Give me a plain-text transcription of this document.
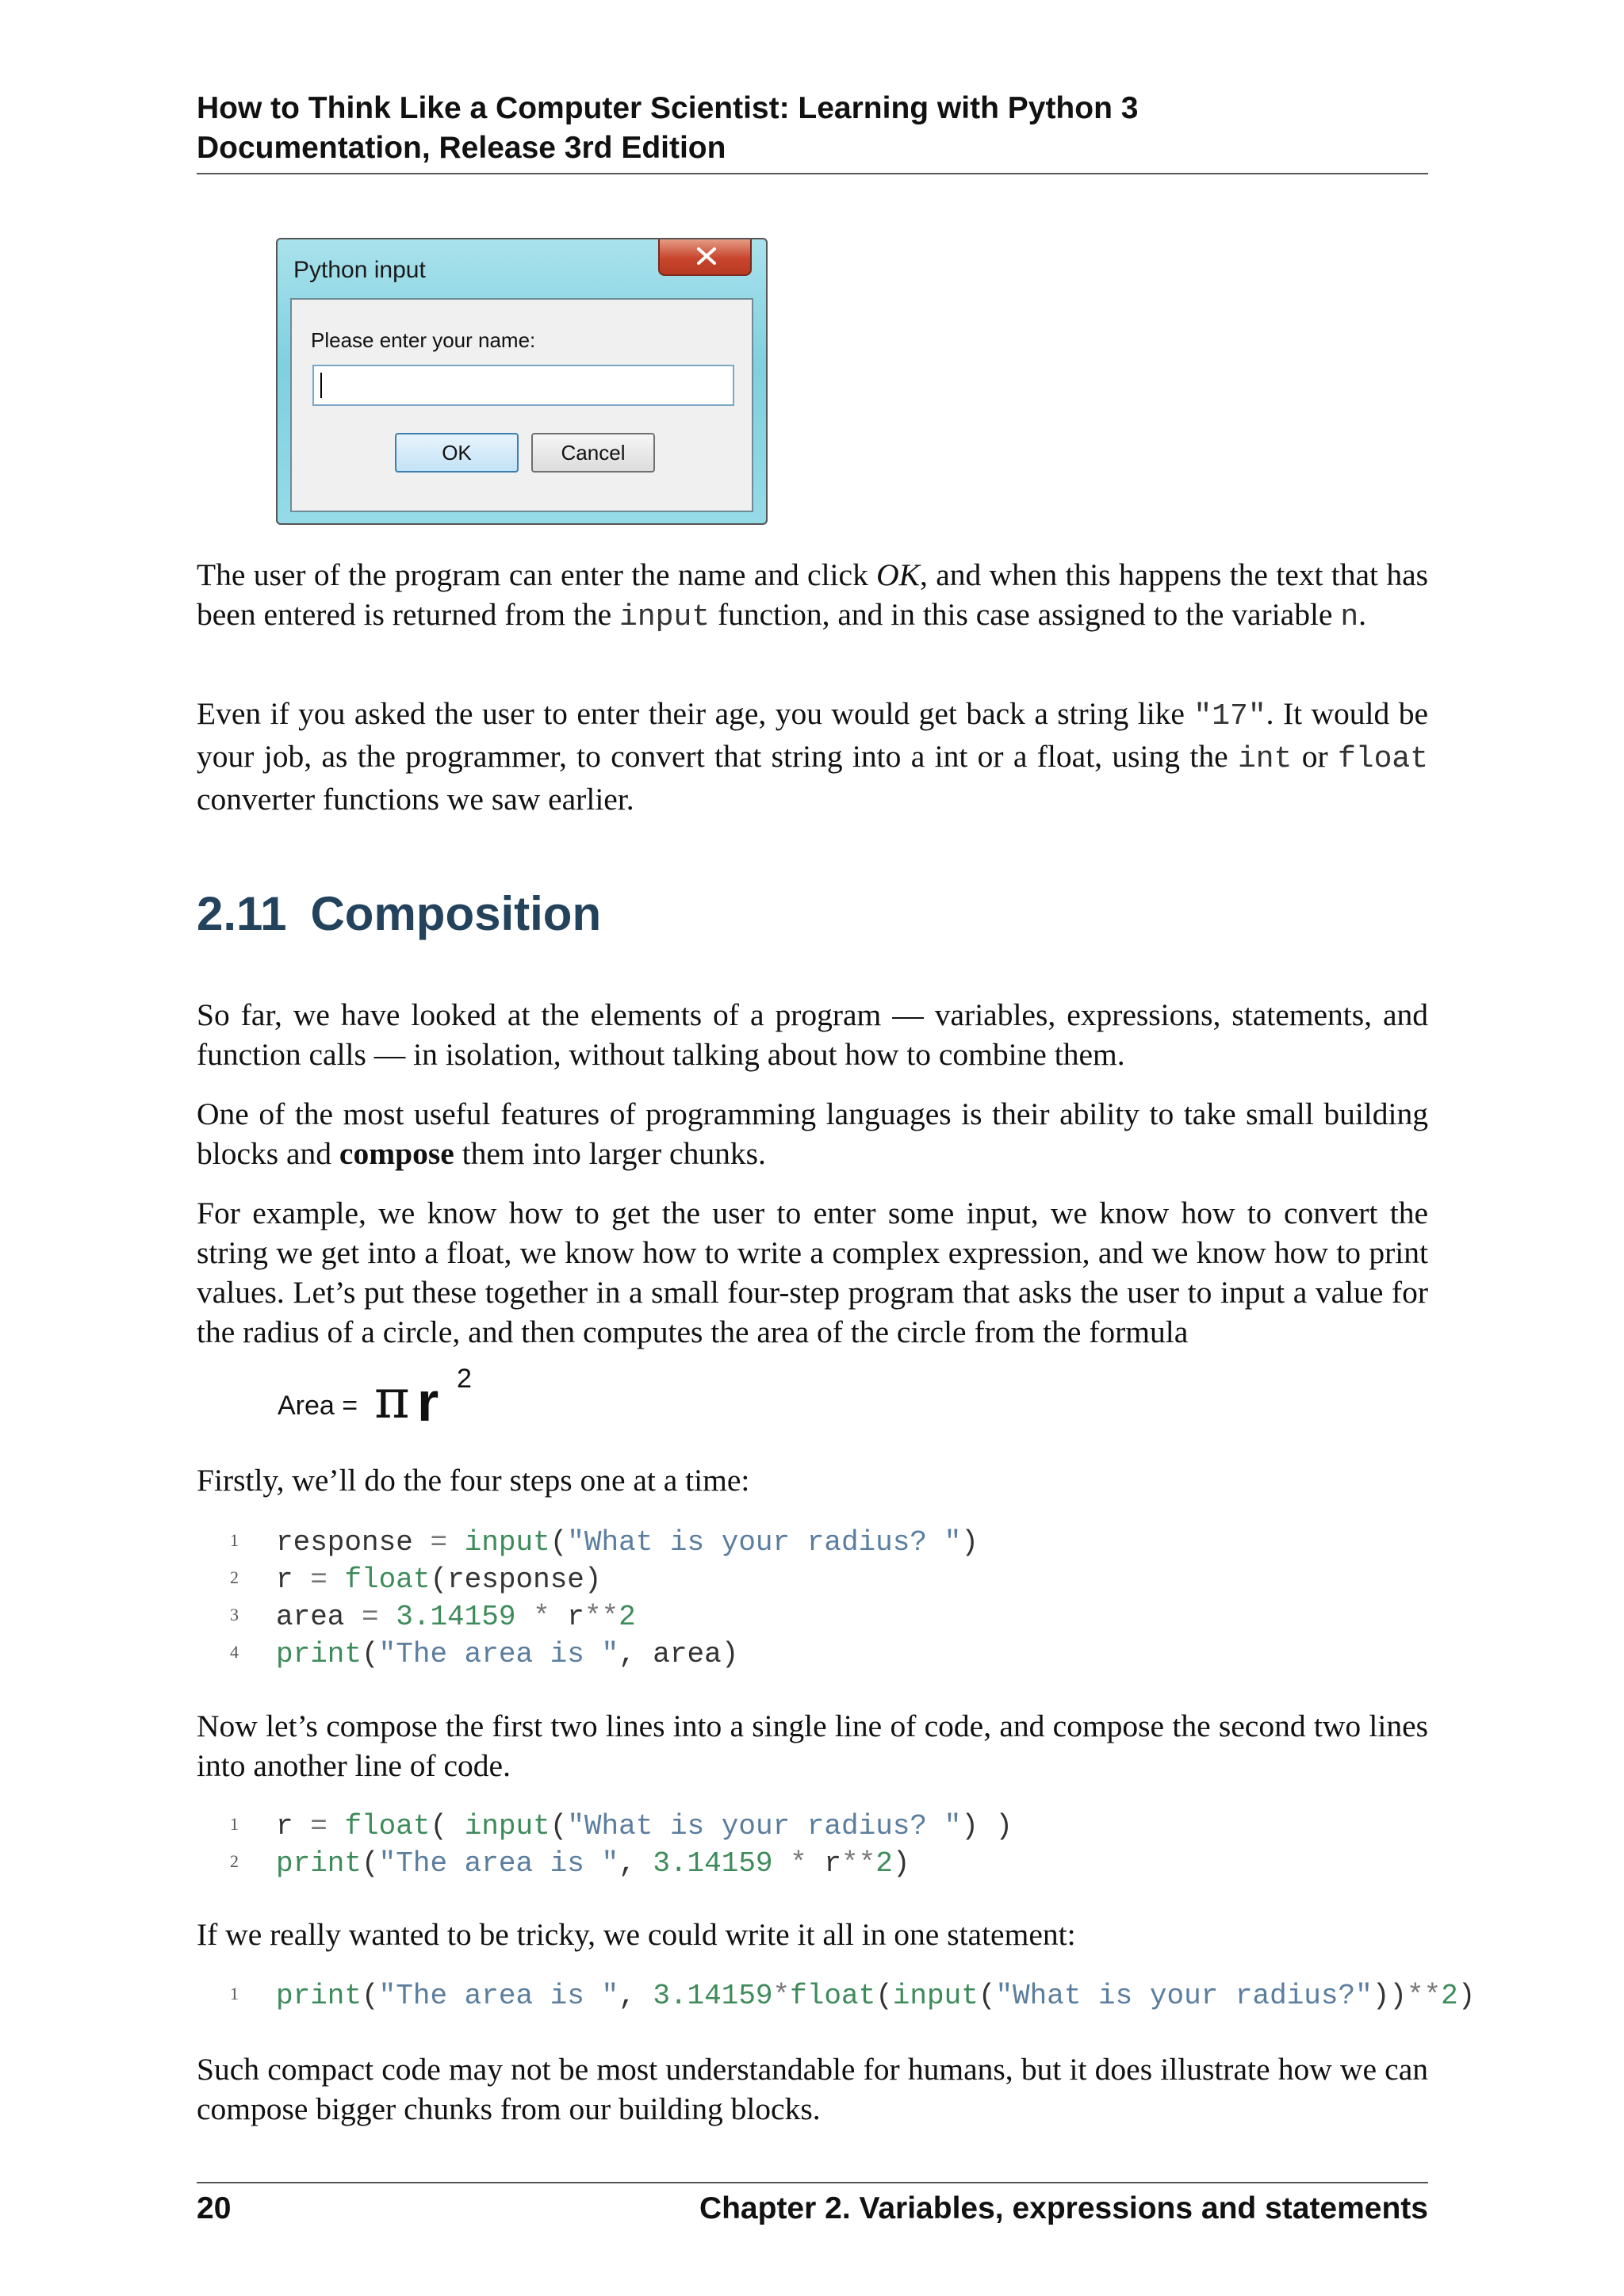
How to Think Like a Computer Scientist: Learning with Python 3
Documentation, Release 3rd Edition
Python input
Please enter your name:
OK	Cancel

The user of the program can enter the name and click OK, and when this happens the text that has been entered is returned from the input function, and in this case assigned to the variable n.

Even if you asked the user to enter their age, you would get back a string like "17". It would be your job, as the programmer, to convert that string into a int or a float, using the int or float converter functions we saw earlier.

2.11 Composition

So far, we have looked at the elements of a program — variables, expressions, statements, and function calls — in isolation, without talking about how to combine them.

One of the most useful features of programming languages is their ability to take small building blocks and compose them into larger chunks.

For example, we know how to get the user to enter some input, we know how to convert the string we get into a float, we know how to write a complex expression, and we know how to print values. Let’s put these together in a small four-step program that asks the user to input a value for the radius of a circle, and then computes the area of the circle from the formula

Area = π r 2

Firstly, we’ll do the four steps one at a time:

1 response = input("What is your radius? ")
2 r = float(response)
3 area = 3.14159 * r**2
4 print("The area is ", area)

Now let’s compose the first two lines into a single line of code, and compose the second two lines into another line of code.

1 r = float( input("What is your radius? ") )
2 print("The area is ", 3.14159 * r**2)

If we really wanted to be tricky, we could write it all in one statement:

1 print("The area is ", 3.14159*float(input("What is your radius?"))**2)

Such compact code may not be most understandable for humans, but it does illustrate how we can compose bigger chunks from our building blocks.

20	Chapter 2. Variables, expressions and statements
